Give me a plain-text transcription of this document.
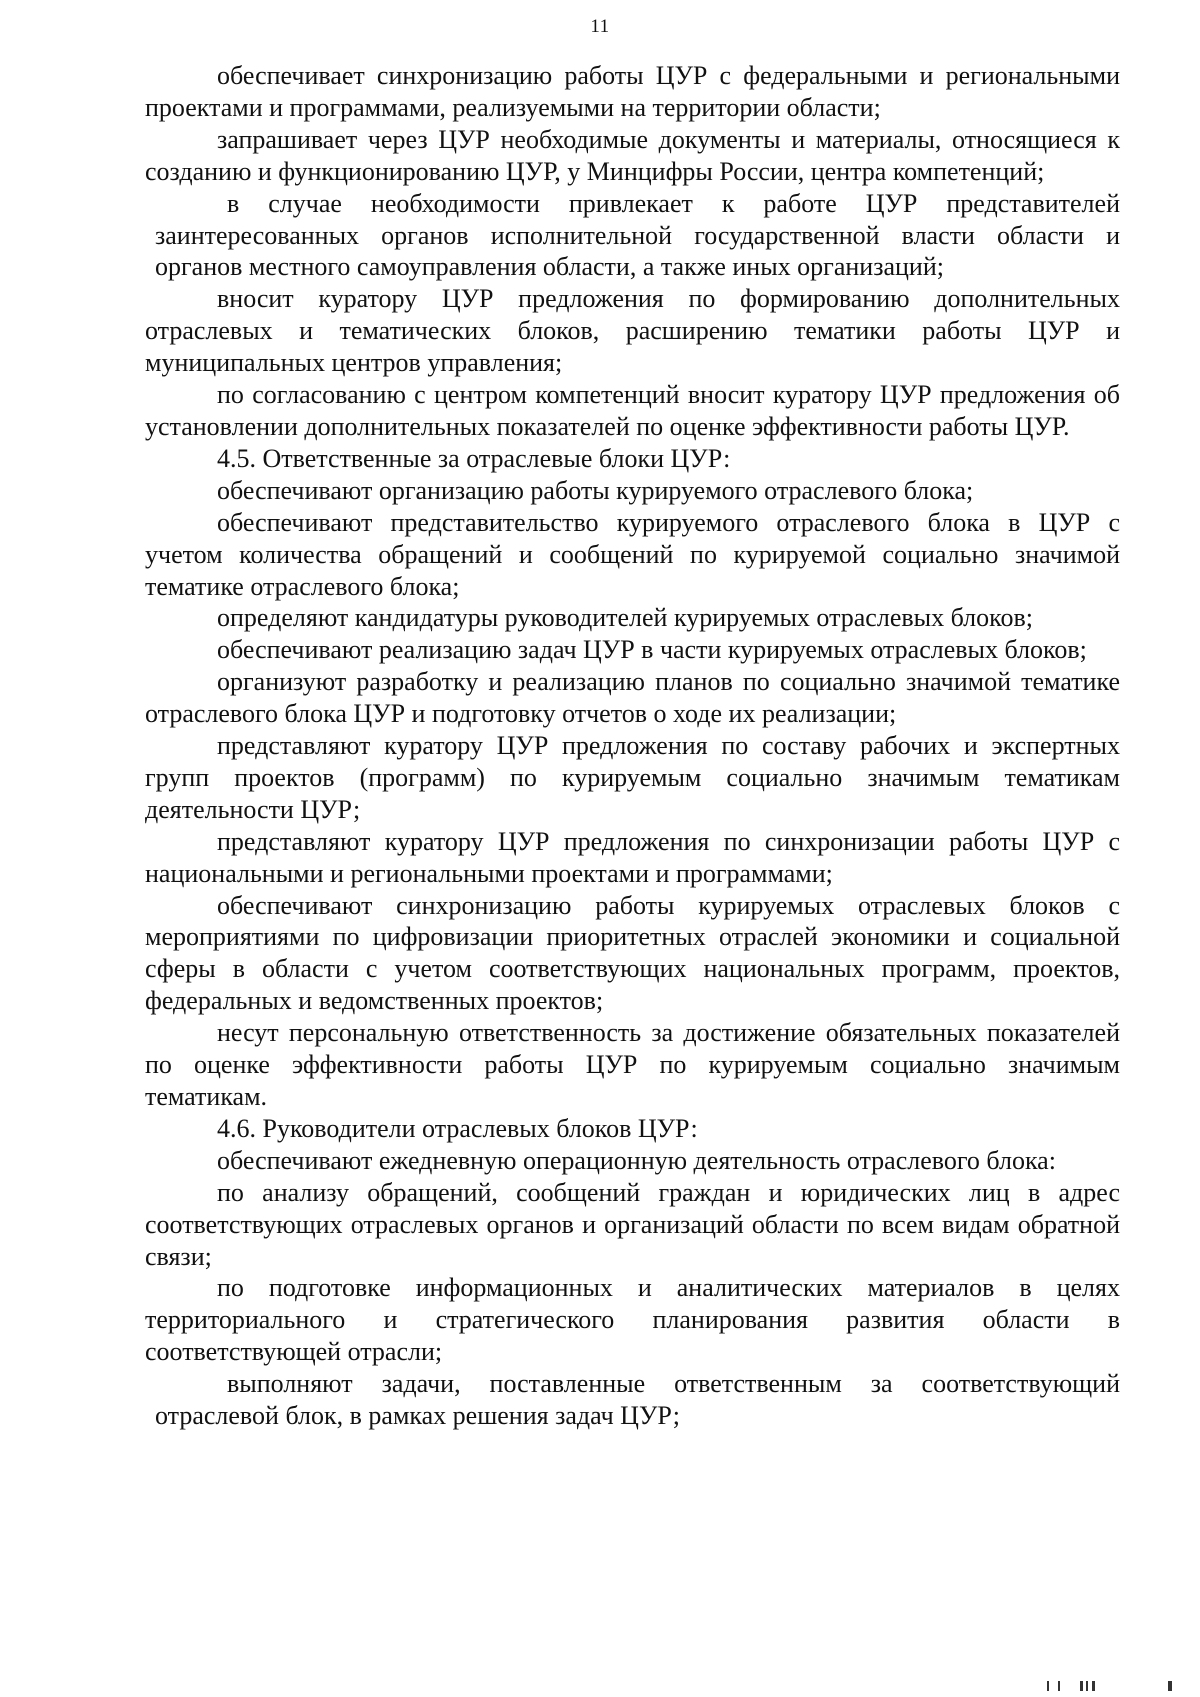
11

обеспечивает синхронизацию работы ЦУР с федеральными и региональными проектами и программами, реализуемыми на территории области;

запрашивает через ЦУР необходимые документы и материалы, относящиеся к созданию и функционированию ЦУР, у Минцифры России, центра компетенций;

в случае необходимости привлекает к работе ЦУР представителей заинтересованных органов исполнительной государственной власти области и органов местного самоуправления области, а также иных организаций;

вносит куратору ЦУР предложения по формированию дополнительных отраслевых и тематических блоков, расширению тематики работы ЦУР и муниципальных центров управления;

по согласованию с центром компетенций вносит куратору ЦУР предложения об установлении дополнительных показателей по оценке эффективности работы ЦУР.

4.5. Ответственные за отраслевые блоки ЦУР:

обеспечивают организацию работы курируемого отраслевого блока;

обеспечивают представительство курируемого отраслевого блока в ЦУР с учетом количества обращений и сообщений по курируемой социально значимой тематике отраслевого блока;

определяют кандидатуры руководителей курируемых отраслевых блоков;

обеспечивают реализацию задач ЦУР в части курируемых отраслевых блоков;

организуют разработку и реализацию планов по социально значимой тематике отраслевого блока ЦУР и подготовку отчетов о ходе их реализации;

представляют куратору ЦУР предложения по составу рабочих и экспертных групп проектов (программ) по курируемым социально значимым тематикам деятельности ЦУР;

представляют куратору ЦУР предложения по синхронизации работы ЦУР с национальными и региональными проектами и программами;

обеспечивают синхронизацию работы курируемых отраслевых блоков с мероприятиями по цифровизации приоритетных отраслей экономики и социальной сферы в области с учетом соответствующих национальных программ, проектов, федеральных и ведомственных проектов;

несут персональную ответственность за достижение обязательных показателей по оценке эффективности работы ЦУР по курируемым социально значимым тематикам.

4.6. Руководители отраслевых блоков ЦУР:

обеспечивают ежедневную операционную деятельность отраслевого блока:

по анализу обращений, сообщений граждан и юридических лиц в адрес соответствующих отраслевых органов и организаций области по всем видам обратной связи;

по подготовке информационных и аналитических материалов в целях территориального и стратегического планирования развития области в соответствующей отрасли;

выполняют задачи, поставленные ответственным за соответствующий отраслевой блок, в рамках решения задач ЦУР;
